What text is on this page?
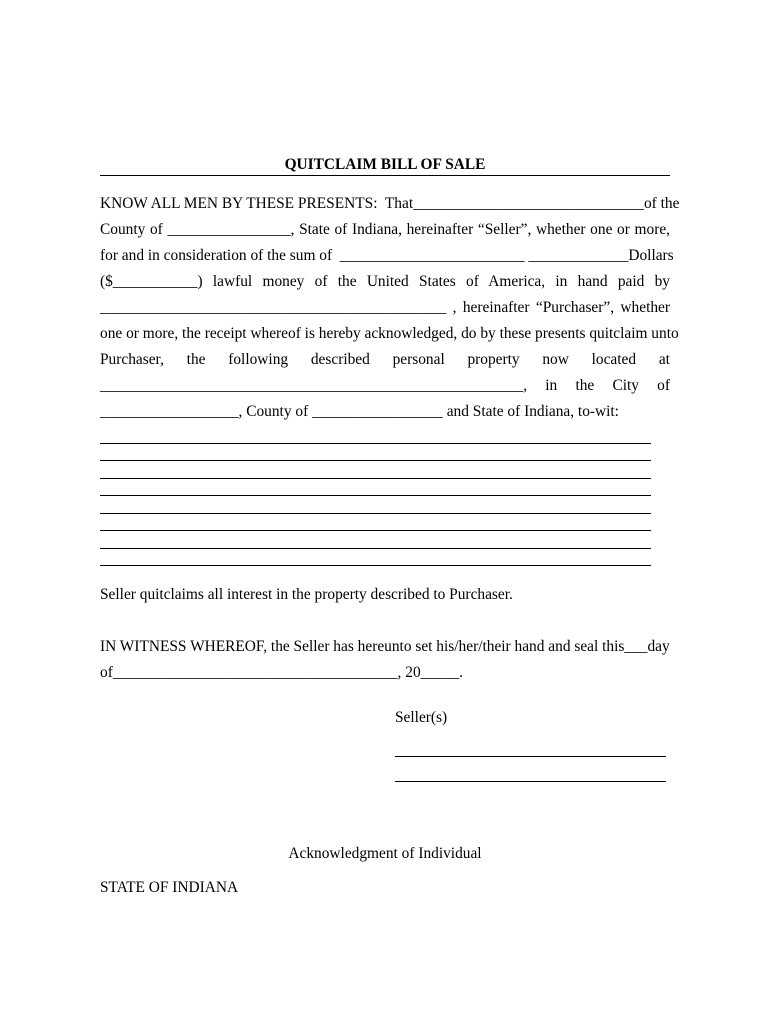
QUITCLAIM BILL OF SALE
KNOW ALL MEN BY THESE PRESENTS:  That______________________________of the
County of ________________, State of Indiana, hereinafter “Seller”, whether one or more,
for and in consideration of the sum of  ________________________ _____________Dollars
($___________) lawful money of the United States of America, in hand paid by
_____________________________________________ , hereinafter “Purchaser”, whether
one or more, the receipt whereof is hereby acknowledged, do by these presents quitclaim unto
Purchaser, the following described personal property now located at
_______________________________________________________, in the City of
__________________, County of _________________ and State of Indiana, to-wit:
Seller quitclaims all interest in the property described to Purchaser.
IN WITNESS WHEREOF, the Seller has hereunto set his/her/their hand and seal this___day
of_____________________________________, 20_____.
Seller(s)
Acknowledgment of Individual
STATE OF INDIANA
